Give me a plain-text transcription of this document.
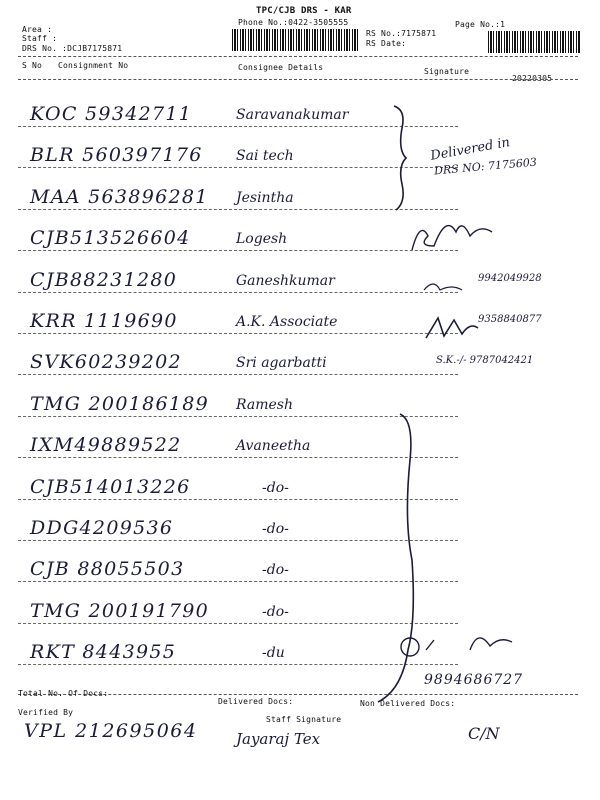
TPC/CJB DRS - KAR
Phone No.:0422-3505555	Page No.:1
Area :
Staff :
DRS No. :DCJB7175871
RS No.:7175871
RS Date:
S No Consignment No	Consignee Details	Signature
20220305
KOC 59342711	Saravanakumar
BLR 560397176 Sai tech
MAA 563896281 Jesintha
CJB513526604	Logesh
CJB88231280	Ganeshkumar	9942049928
KRR 1119690	A.K. Associate	9358840877
SVK60239202	Sri agarbatti	S.K.-/- 9787042421
TMG 200186189 Ramesh
IXM49889522	Avaneetha
CJB514013226	-do-
DDG4209536	-do-
CJB 88055503	-do-
TMG 200191790	-do-
RKT 8443955	-du
Delivered in
DRS NO: 7175603
9894686727
Total No. Of Docs:
Delivered Docs:	Non Delivered Docs:
Verified By
Staff Signature
VPL 212695064	Jayaraj Tex	C/N
